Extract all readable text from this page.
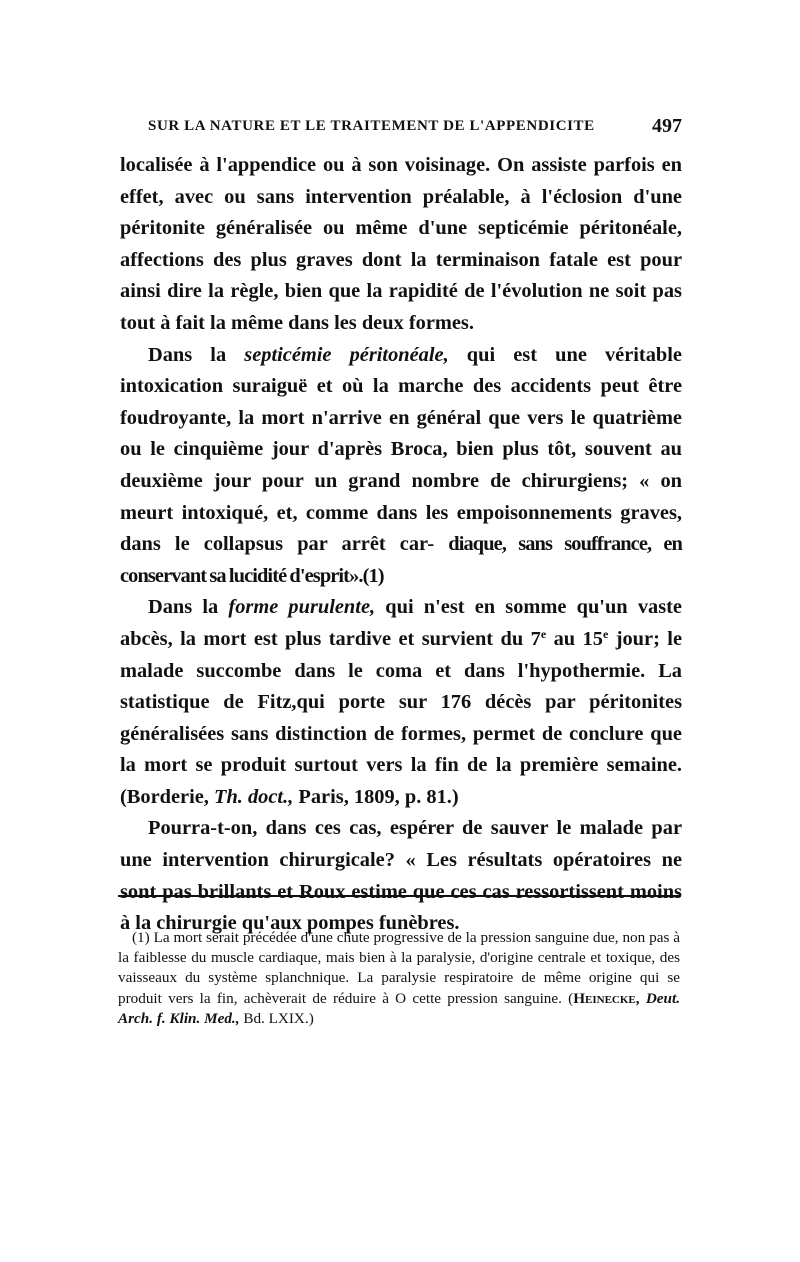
SUR LA NATURE ET LE TRAITEMENT DE L'APPENDICITE	497

localisée à l'appendice ou à son voisinage. On assiste parfois en effet, avec ou sans intervention préalable, à l'éclosion d'une péritonite généralisée ou même d'une septicémie péritonéale, affections des plus graves dont la terminaison fatale est pour ainsi dire la règle, bien que la rapidité de l'évolution ne soit pas tout à fait la même dans les deux formes.

Dans la septicémie péritonéale, qui est une véritable intoxication suraiguë et où la marche des accidents peut être foudroyante, la mort n'arrive en général que vers le quatrième ou le cinquième jour d'après Broca, bien plus tôt, souvent au deuxième jour pour un grand nombre de chirurgiens; « on meurt intoxiqué, et, comme dans les empoisonnements graves, dans le collapsus par arrêt car- diaque, sans souffrance, en conservant sa lucidité d'esprit».(1)

Dans la forme purulente, qui n'est en somme qu'un vaste abcès, la mort est plus tardive et survient du 7e au 15e jour; le malade succombe dans le coma et dans l'hypothermie. La statistique de Fitz,qui porte sur 176 décès par péritonites généralisées sans distinction de formes, permet de conclure que la mort se produit surtout vers la fin de la première semaine. (Borderie, Th. doct., Paris, 1809, p. 81.)

Pourra-t-on, dans ces cas, espérer de sauver le malade par une intervention chirurgicale? « Les résultats opératoires ne sont pas brillants et Roux estime que ces cas ressortissent moins à la chirurgie qu'aux pompes funèbres.

(1) La mort serait précédée d'une chute progressive de la pression sanguine due, non pas à la faiblesse du muscle cardiaque, mais bien à la paralysie, d'origine centrale et toxique, des vaisseaux du système splanchnique. La paralysie respiratoire de même origine qui se produit vers la fin, achèverait de réduire à O cette pression sanguine. (Heinecke, Deut. Arch. f. Klin. Med., Bd. LXIX.)
